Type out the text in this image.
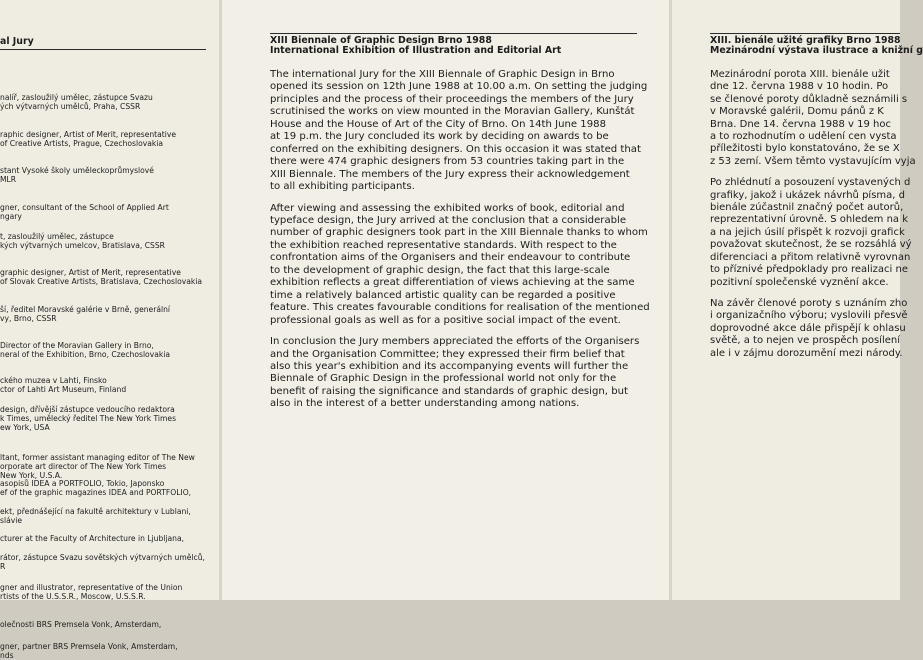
al Jury
nalíř, zasloužilý umělec, zástupce Svazu
ých výtvarných umělců, Praha, CSSR
raphic designer, Artist of Merit, representative
of Creative Artists, Prague, Czechoslovakia
stant Vysoké školy uměleckoprůmyslové
MLR
gner, consultant of the School of Applied Art
ngary
t, zasloužilý umělec, zástupce
kých výtvarných umelcov, Bratislava, CSSR
graphic designer, Artist of Merit, representative
of Slovak Creative Artists, Bratislava, Czechoslovakia
ší, ředitel Moravské galérie v Brně, generální
vy, Brno, CSSR
Director of the Moravian Gallery in Brno,
neral of the Exhibition, Brno, Czechoslovakia
ckého muzea v Lahti, Finsko
ctor of Lahti Art Museum, Finland
design, dřívější zástupce vedoucího redaktora
k Times, umělecký ředitel The New York Times
ew York, USA
ltant, former assistant managing editor of The New
orporate art director of The New York Times
New York, U.S.A.
asopisů IDEA a PORTFOLIO, Tokio, Japonsko
ef of the graphic magazines IDEA and PORTFOLIO,
ekt, přednášející na fakultě architektury v Lublani,
slávie
cturer at the Faculty of Architecture in Ljubljana,
rátor, zástupce Svazu sovětských výtvarných umělců,
R
gner and illustrator, representative of the Union
rtists of the U.S.S.R., Moscow, U.S.S.R.
olečnosti BRS Premsela Vonk, Amsterdam,
gner, partner BRS Premsela Vonk, Amsterdam,
nds
XIII Biennale of Graphic Design Brno 1988
International Exhibition of Illustration and Editorial Art

The international Jury for the XIII Biennale of Graphic Design in Brno
opened its session on 12th June 1988 at 10.00 a.m. On setting the judging
principles and the process of their proceedings the members of the Jury
scrutinised the works on view mounted in the Moravian Gallery, Kunštát
House and the House of Art of the City of Brno. On 14th June 1988
at 19 p.m. the Jury concluded its work by deciding on awards to be
conferred on the exhibiting designers. On this occasion it was stated that
there were 474 graphic designers from 53 countries taking part in the
XIII Biennale. The members of the Jury express their acknowledgement
to all exhibiting participants.

After viewing and assessing the exhibited works of book, editorial and
typeface design, the Jury arrived at the conclusion that a considerable
number of graphic designers took part in the XIII Biennale thanks to whom
the exhibition reached representative standards. With respect to the
confrontation aims of the Organisers and their endeavour to contribute
to the development of graphic design, the fact that this large-scale
exhibition reflects a great differentiation of views achieving at the same
time a relatively balanced artistic quality can be regarded a positive
feature. This creates favourable conditions for realisation of the mentioned
professional goals as well as for a positive social impact of the event.

In conclusion the Jury members appreciated the efforts of the Organisers
and the Organisation Committee; they expressed their firm belief that
also this year's exhibition and its accompanying events will further the
Biennale of Graphic Design in the professional world not only for the
benefit of raising the significance and standards of graphic design, but
also in the interest of a better understanding among nations.

XIII. bienále užité grafiky Brno 1988
Mezinárodní výstava ilustrace a knižní g

Mezinárodní porota XIII. bienále užit
dne 12. června 1988 v 10 hodin. Po
se členové poroty důkladně seznámili s
v Moravské galérii, Domu pánů z K
Brna. Dne 14. června 1988 v 19 hoc
a to rozhodnutím o udělení cen vysta
příležitosti bylo konstatováno, že se X
z 53 zemí. Všem těmto vystavujícím vyja

Po zhlédnutí a posouzení vystavených d
grafiky, jakož i ukázek návrhů písma, d
bienále zúčastnil značný počet autorů,
reprezentativní úrovně. S ohledem na k
a na jejich úsilí přispět k rozvoji grafick
považovat skutečnost, že se rozsáhlá vý
diferenciaci a přitom relativně vyrovnan
to příznivé předpoklady pro realizaci ne
pozitivní společenské vyznění akce.

Na závěr členové poroty s uznáním zho
i organizačního výboru; vyslovili přesvě
doprovodné akce dále přispějí k ohlasu
světě, a to nejen ve prospěch posílení
ale i v zájmu dorozumění mezi národy.
